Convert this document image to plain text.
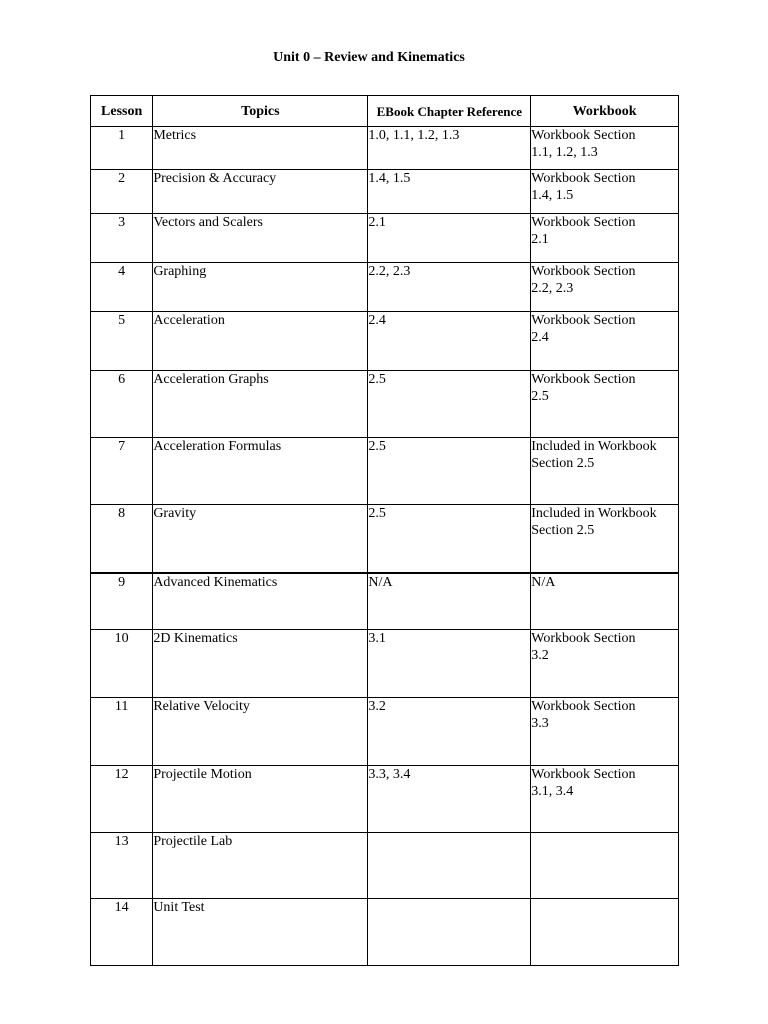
Unit 0 – Review and Kinematics
Lesson	Topics	EBook Chapter Reference	Workbook
1	Metrics	1.0, 1.1, 1.2, 1.3	Workbook Section
1.1, 1.2, 1.3

2	Precision & Accuracy	1.4, 1.5	Workbook Section
1.4, 1.5

3	Vectors and Scalers	2.1	Workbook Section
2.1

4	Graphing	2.2, 2.3	Workbook Section
2.2, 2.3

5	Acceleration	2.4	Workbook Section
2.4

6	Acceleration Graphs	2.5	Workbook Section
2.5

7	Acceleration Formulas	2.5	Included in Workbook
Section 2.5

8	Gravity	2.5	Included in Workbook
Section 2.5

9	Advanced Kinematics	N/A	N/A

10	2D Kinematics	3.1	Workbook Section
3.2

11	Relative Velocity	3.2	Workbook Section
3.3

12	Projectile Motion	3.3, 3.4	Workbook Section
3.1, 3.4

13	Projectile Lab		

14	Unit Test		
